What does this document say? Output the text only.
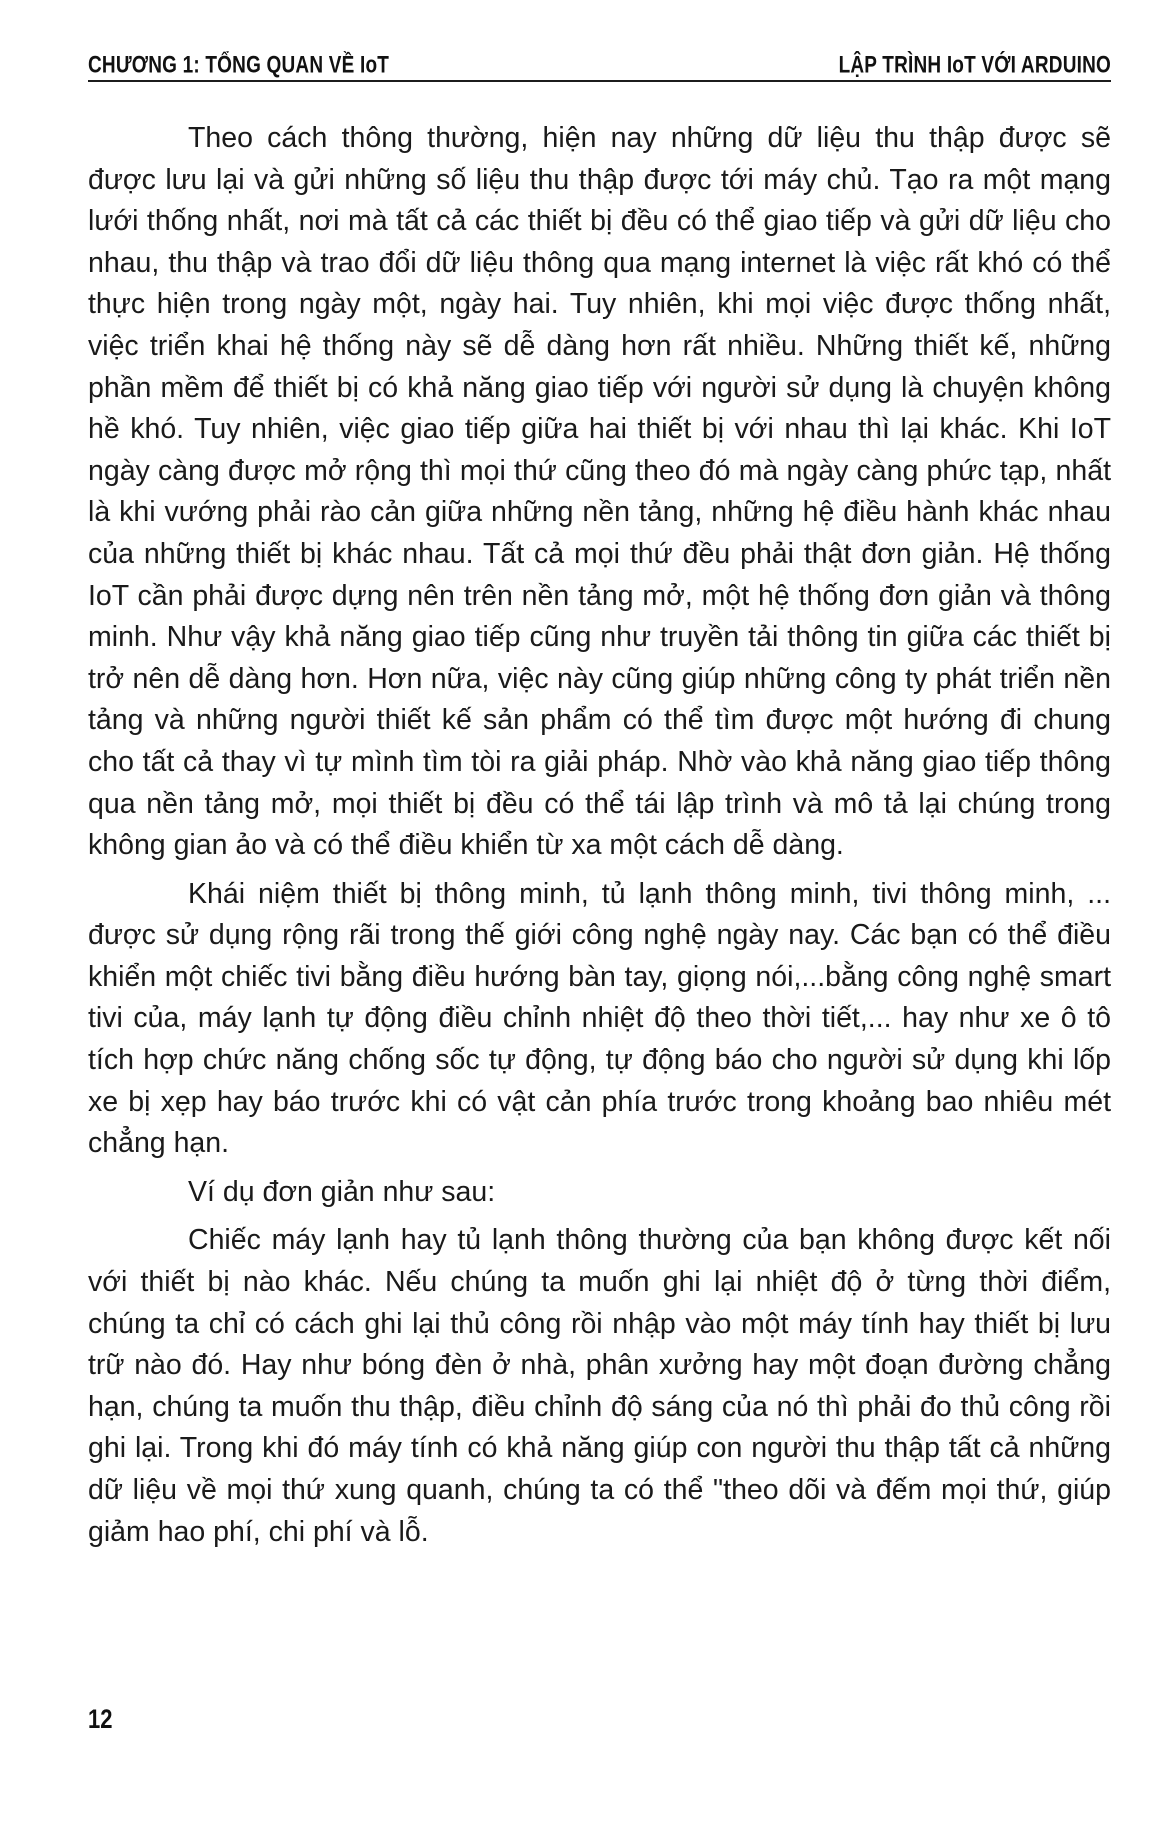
CHƯƠNG 1: TỔNG QUAN VỀ IoT	LẬP TRÌNH IoT VỚI ARDUINO

Theo cách thông thường, hiện nay những dữ liệu thu thập được sẽ được lưu lại và gửi những số liệu thu thập được tới máy chủ. Tạo ra một mạng lưới thống nhất, nơi mà tất cả các thiết bị đều có thể giao tiếp và gửi dữ liệu cho nhau, thu thập và trao đổi dữ liệu thông qua mạng internet là việc rất khó có thể thực hiện trong ngày một, ngày hai. Tuy nhiên, khi mọi việc được thống nhất, việc triển khai hệ thống này sẽ dễ dàng hơn rất nhiều. Những thiết kế, những phần mềm để thiết bị có khả năng giao tiếp với người sử dụng là chuyện không hề khó. Tuy nhiên, việc giao tiếp giữa hai thiết bị với nhau thì lại khác. Khi IoT ngày càng được mở rộng thì mọi thứ cũng theo đó mà ngày càng phức tạp, nhất là khi vướng phải rào cản giữa những nền tảng, những hệ điều hành khác nhau của những thiết bị khác nhau. Tất cả mọi thứ đều phải thật đơn giản. Hệ thống IoT cần phải được dựng nên trên nền tảng mở, một hệ thống đơn giản và thông minh. Như vậy khả năng giao tiếp cũng như truyền tải thông tin giữa các thiết bị trở nên dễ dàng hơn. Hơn nữa, việc này cũng giúp những công ty phát triển nền tảng và những người thiết kế sản phẩm có thể tìm được một hướng đi chung cho tất cả thay vì tự mình tìm tòi ra giải pháp. Nhờ vào khả năng giao tiếp thông qua nền tảng mở, mọi thiết bị đều có thể tái lập trình và mô tả lại chúng trong không gian ảo và có thể điều khiển từ xa một cách dễ dàng.

Khái niệm thiết bị thông minh, tủ lạnh thông minh, tivi thông minh, ... được sử dụng rộng rãi trong thế giới công nghệ ngày nay. Các bạn có thể điều khiển một chiếc tivi bằng điều hướng bàn tay, giọng nói,...bằng công nghệ smart tivi của, máy lạnh tự động điều chỉnh nhiệt độ theo thời tiết,... hay như xe ô tô tích hợp chức năng chống sốc tự động, tự động báo cho người sử dụng khi lốp xe bị xẹp hay báo trước khi có vật cản phía trước trong khoảng bao nhiêu mét chẳng hạn.

Ví dụ đơn giản như sau:

Chiếc máy lạnh hay tủ lạnh thông thường của bạn không được kết nối với thiết bị nào khác. Nếu chúng ta muốn ghi lại nhiệt độ ở từng thời điểm, chúng ta chỉ có cách ghi lại thủ công rồi nhập vào một máy tính hay thiết bị lưu trữ nào đó. Hay như bóng đèn ở nhà, phân xưởng hay một đoạn đường chẳng hạn, chúng ta muốn thu thập, điều chỉnh độ sáng của nó thì phải đo thủ công rồi ghi lại. Trong khi đó máy tính có khả năng giúp con người thu thập tất cả những dữ liệu về mọi thứ xung quanh, chúng ta có thể "theo dõi và đếm mọi thứ, giúp giảm hao phí, chi phí và lỗ.

12
